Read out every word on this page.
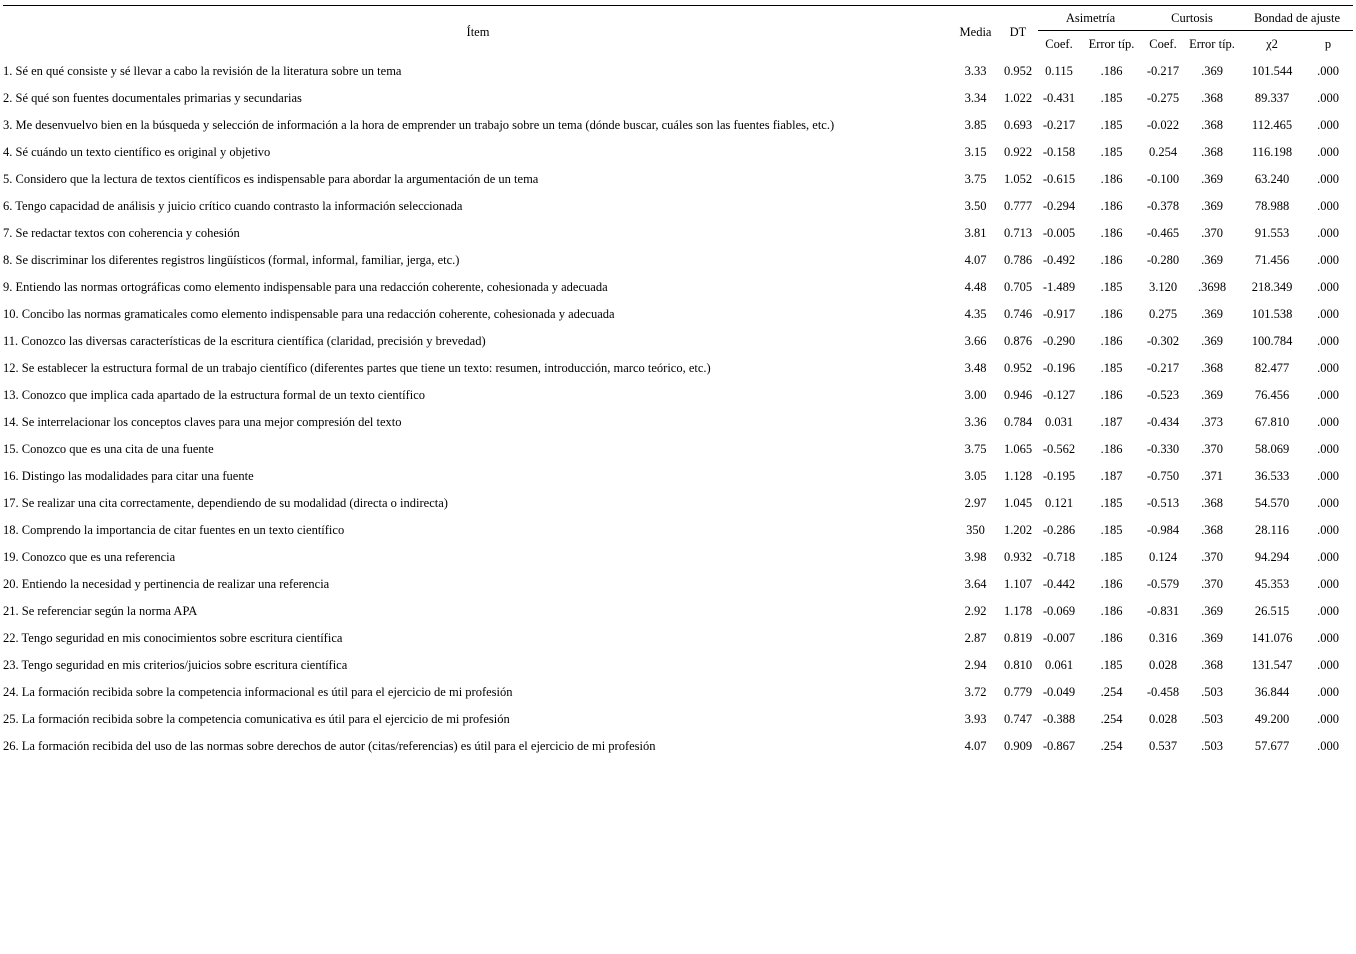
Ítem	Media	DT	Asimetría		Curtosis		Bondad de ajuste	
			Coef.	Error típ.	Coef.	Error típ.	χ2	p
1. Sé en qué consiste y sé llevar a cabo la revisión de la literatura sobre un tema	3.33	0.952	0.115	.186	-0.217	.369	101.544	.000
2. Sé qué son fuentes documentales primarias y secundarias	3.34	1.022	-0.431	.185	-0.275	.368	89.337	.000
3. Me desenvuelvo bien en la búsqueda y selección de información a la hora de emprender un trabajo sobre un tema (dónde buscar, cuáles son las fuentes fiables, etc.)	3.85	0.693	-0.217	.185	-0.022	.368	112.465	.000
4. Sé cuándo un texto científico es original y objetivo	3.15	0.922	-0.158	.185	0.254	.368	116.198	.000
5. Considero que la lectura de textos científicos es indispensable para abordar la argumentación de un tema	3.75	1.052	-0.615	.186	-0.100	.369	63.240	.000
6. Tengo capacidad de análisis y juicio crítico cuando contrasto la información seleccionada	3.50	0.777	-0.294	.186	-0.378	.369	78.988	.000
7. Se redactar textos con coherencia y cohesión	3.81	0.713	-0.005	.186	-0.465	.370	91.553	.000
8. Se discriminar los diferentes registros lingüísticos (formal, informal, familiar, jerga, etc.)	4.07	0.786	-0.492	.186	-0.280	.369	71.456	.000
9. Entiendo las normas ortográficas como elemento indispensable para una redacción coherente, cohesionada y adecuada	4.48	0.705	-1.489	.185	3.120	.3698	218.349	.000
10. Concibo las normas gramaticales como elemento indispensable para una redacción coherente, cohesionada y adecuada	4.35	0.746	-0.917	.186	0.275	.369	101.538	.000
11. Conozco las diversas características de la escritura científica (claridad, precisión y brevedad)	3.66	0.876	-0.290	.186	-0.302	.369	100.784	.000
12. Se establecer la estructura formal de un trabajo científico (diferentes partes que tiene un texto: resumen, introducción, marco teórico, etc.)	3.48	0.952	-0.196	.185	-0.217	.368	82.477	.000
13. Conozco que implica cada apartado de la estructura formal de un texto científico	3.00	0.946	-0.127	.186	-0.523	.369	76.456	.000
14. Se interrelacionar los conceptos claves para una mejor compresión del texto	3.36	0.784	0.031	.187	-0.434	.373	67.810	.000
15. Conozco que es una cita de una fuente	3.75	1.065	-0.562	.186	-0.330	.370	58.069	.000
16. Distingo las modalidades para citar una fuente	3.05	1.128	-0.195	.187	-0.750	.371	36.533	.000
17. Se realizar una cita correctamente, dependiendo de su modalidad (directa o indirecta)	2.97	1.045	0.121	.185	-0.513	.368	54.570	.000
18. Comprendo la importancia de citar fuentes en un texto científico	350	1.202	-0.286	.185	-0.984	.368	28.116	.000
19. Conozco que es una referencia	3.98	0.932	-0.718	.185	0.124	.370	94.294	.000
20. Entiendo la necesidad y pertinencia de realizar una referencia	3.64	1.107	-0.442	.186	-0.579	.370	45.353	.000
21. Se referenciar según la norma APA	2.92	1.178	-0.069	.186	-0.831	.369	26.515	.000
22. Tengo seguridad en mis conocimientos sobre escritura científica	2.87	0.819	-0.007	.186	0.316	.369	141.076	.000
23. Tengo seguridad en mis criterios/juicios sobre escritura científica	2.94	0.810	0.061	.185	0.028	.368	131.547	.000
24. La formación recibida sobre la competencia informacional es útil para el ejercicio de mi profesión	3.72	0.779	-0.049	.254	-0.458	.503	36.844	.000
25. La formación recibida sobre la competencia comunicativa es útil para el ejercicio de mi profesión	3.93	0.747	-0.388	.254	0.028	.503	49.200	.000
26. La formación recibida del uso de las normas sobre derechos de autor (citas/referencias) es útil para el ejercicio de mi profesión	4.07	0.909	-0.867	.254	0.537	.503	57.677	.000
